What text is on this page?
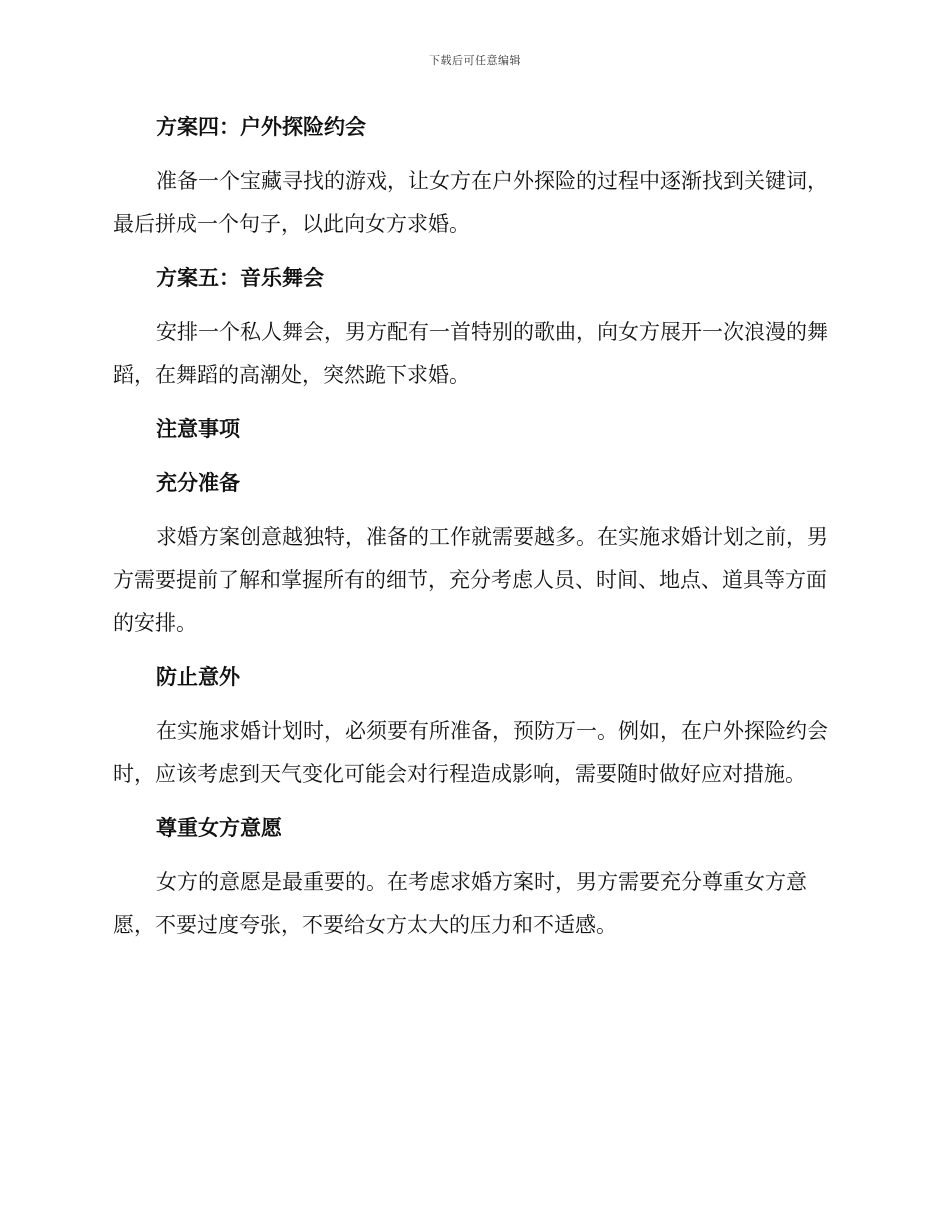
下载后可任意编辑
方案四：户外探险约会

准备一个宝藏寻找的游戏，让女方在户外探险的过程中逐渐找到关键词，最后拼成一个句子，以此向女方求婚。

方案五：音乐舞会

安排一个私人舞会，男方配有一首特别的歌曲，向女方展开一次浪漫的舞蹈，在舞蹈的高潮处，突然跪下求婚。

注意事项
充分准备

求婚方案创意越独特，准备的工作就需要越多。在实施求婚计划之前，男方需要提前了解和掌握所有的细节，充分考虑人员、时间、地点、道具等方面的安排。

防止意外

在实施求婚计划时，必须要有所准备，预防万一。例如，在户外探险约会时，应该考虑到天气变化可能会对行程造成影响，需要随时做好应对措施。

尊重女方意愿

女方的意愿是最重要的。在考虑求婚方案时，男方需要充分尊重女方意愿，不要过度夸张，不要给女方太大的压力和不适感。
